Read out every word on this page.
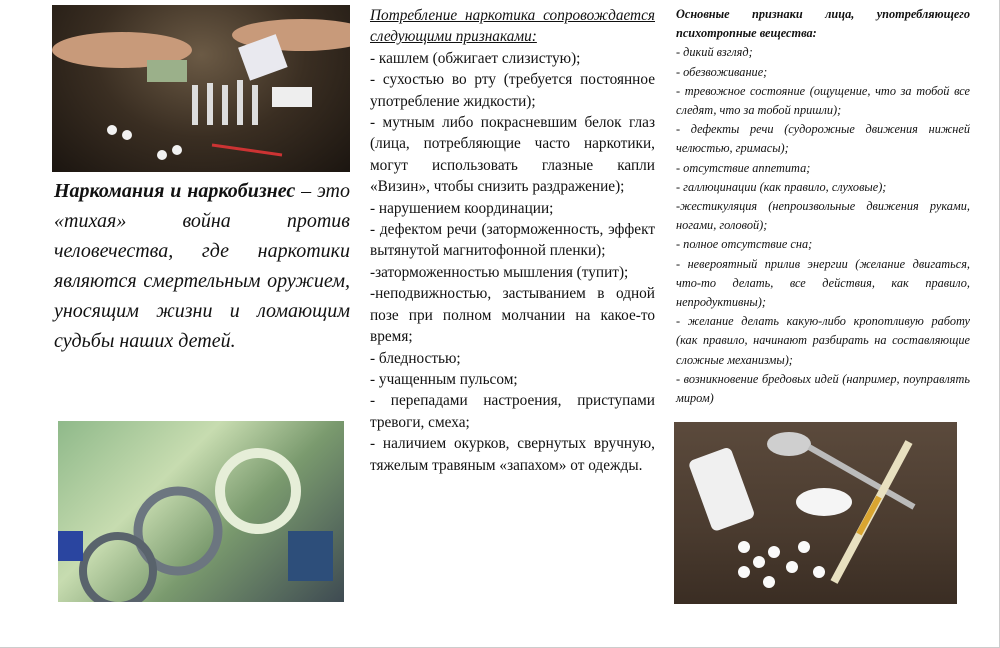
Наркомания и наркобизнес – это «тихая» война против человечества, где наркотики являются смертельным оружием, уносящим жизни и ломающим судьбы наших детей.
Потребление наркотика сопровождается следующими признаками:
- кашлем (обжигает слизистую);
- сухостью во рту (требуется постоянное употребление жидкости);
- мутным либо покрасневшим белок глаз (лица, потребляющие часто наркотики, могут использовать глазные капли «Визин», чтобы снизить раздражение);
- нарушением координации;
- дефектом речи (заторможенность, эффект вытянутой магнитофонной пленки);
-заторможенностью мышления (тупит);
-неподвижностью, застыванием в одной позе при полном молчании на какое-то время;
- бледностью;
- учащенным пульсом;
- перепадами настроения, приступами тревоги, смеха;
- наличием окурков, свернутых вручную, тяжелым травяным «запахом» от одежды.
Основные признаки лица, употребляющего психотропные вещества:
- дикий взгляд;
- обезвоживание;
- тревожное состояние (ощущение, что за тобой все следят, что за тобой пришли);
- дефекты речи (судорожные движения нижней челюстью, гримасы);
- отсутствие аппетита;
- галлюцинации (как правило, слуховые);
-жестикуляция (непроизвольные движения руками, ногами, головой);
- полное отсутствие сна;
- невероятный прилив энергии (желание двигаться, что-то делать, все действия, как правило, непродуктивны);
- желание делать какую-либо кропотливую работу (как правило, начинают разбирать на составляющие сложные механизмы);
- возникновение бредовых идей (например, поуправлять миром)
